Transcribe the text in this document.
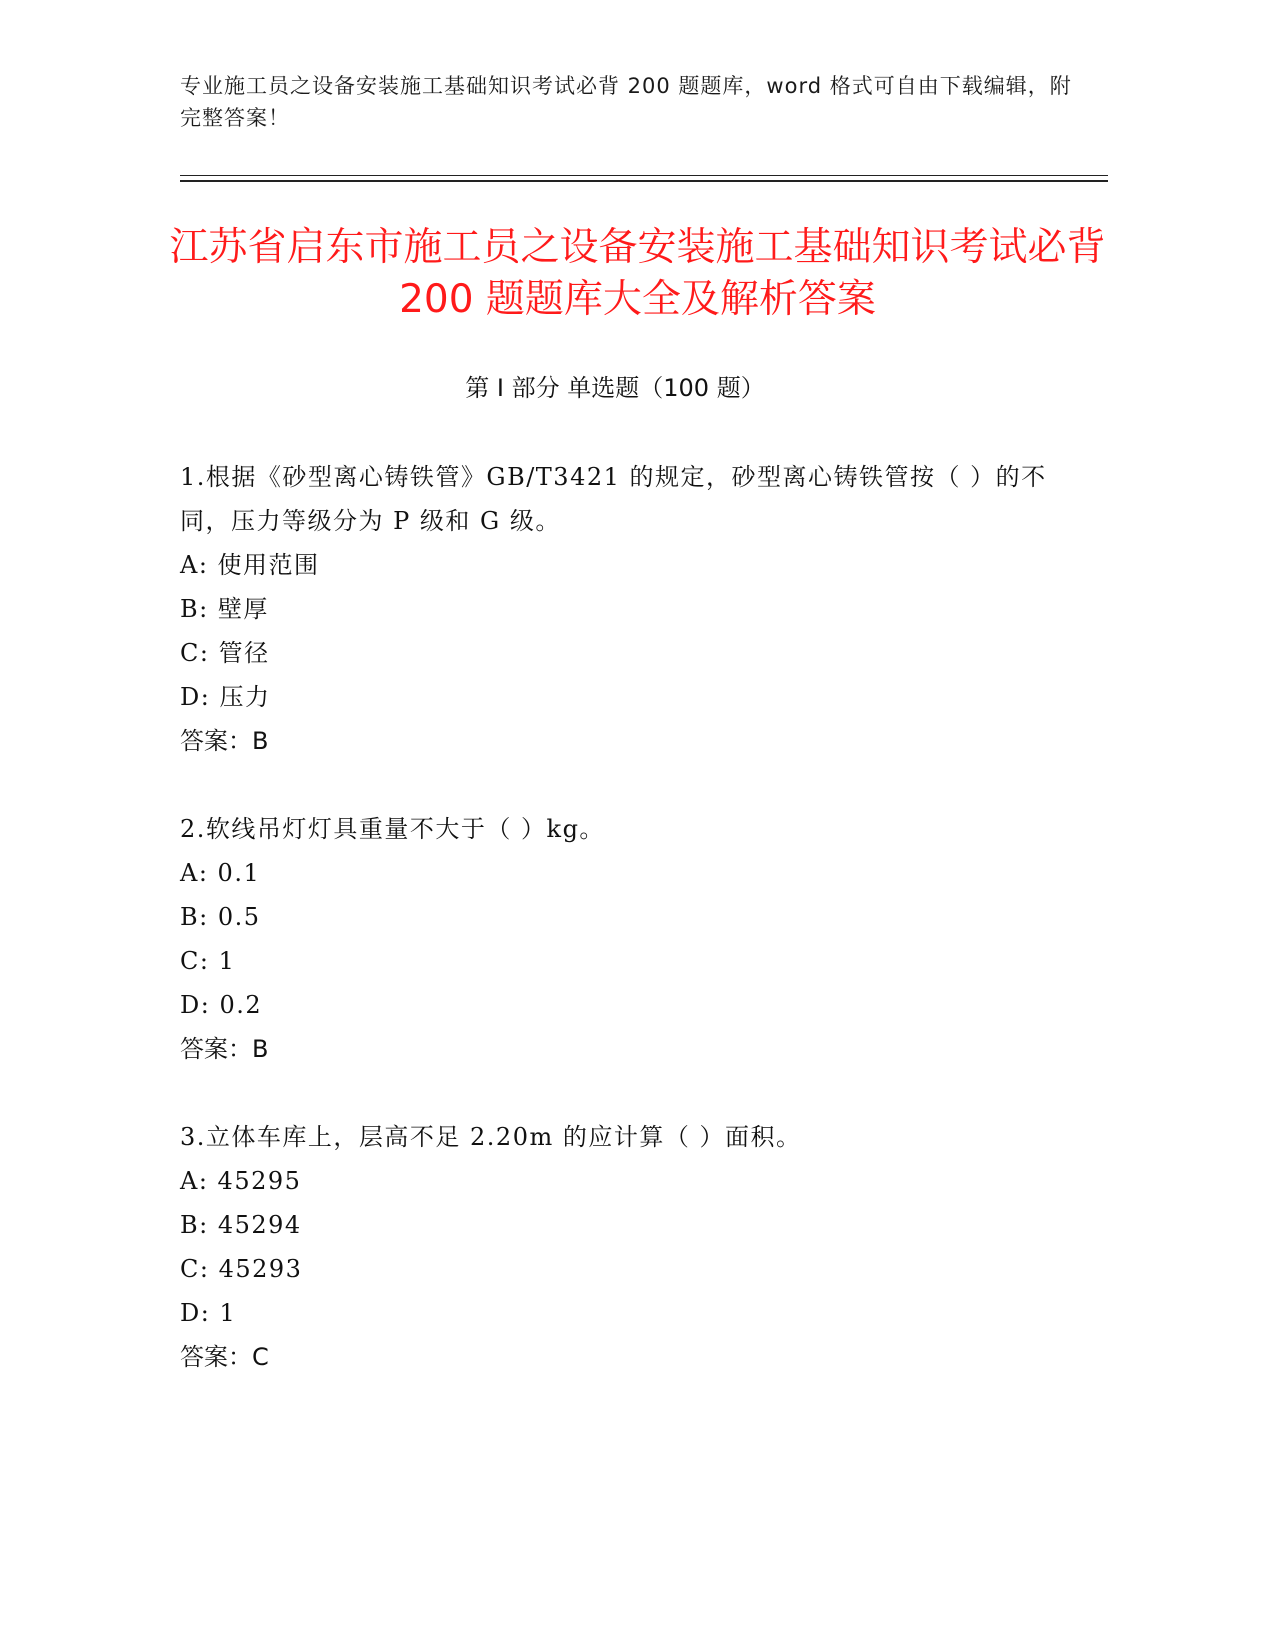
专业施工员之设备安装施工基础知识考试必背 200 题题库，word 格式可自由下载编辑，附完整答案！
江苏省启东市施工员之设备安装施工基础知识考试必背 200 题题库大全及解析答案
第 I 部分 单选题（100 题）
1.根据《砂型离心铸铁管》GB/T3421 的规定，砂型离心铸铁管按（ ）的不同，压力等级分为 P 级和 G 级。
A: 使用范围
B: 壁厚
C: 管径
D: 压力
答案：B
2.软线吊灯灯具重量不大于（ ）kg。
A: 0.1
B: 0.5
C: 1
D: 0.2
答案：B
3.立体车库上，层高不足 2.20m 的应计算（ ）面积。
A: 45295
B: 45294
C: 45293
D: 1
答案：C
